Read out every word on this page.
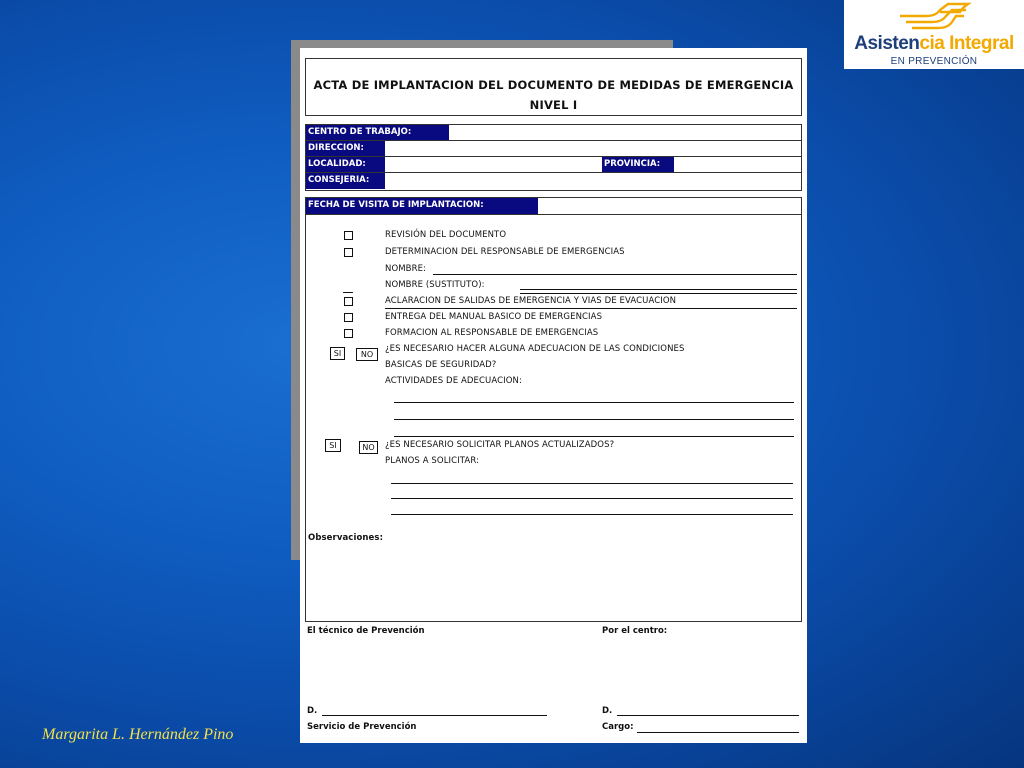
Asistencia Integral
EN PREVENCIÓN
ACTA DE IMPLANTACION DEL DOCUMENTO DE MEDIDAS DE EMERGENCIA
NIVEL I
CENTRO DE TRABAJO:
DIRECCION:
LOCALIDAD:	PROVINCIA:
CONSEJERIA:
FECHA DE VISITA DE IMPLANTACION:
REVISIÓN DEL DOCUMENTO
DETERMINACION DEL RESPONSABLE DE EMERGENCIAS
NOMBRE:
NOMBRE (SUSTITUTO):
ACLARACION DE SALIDAS DE EMERGENCIA Y VIAS DE EVACUACION
ENTREGA DEL MANUAL BASICO DE EMERGENCIAS
FORMACION AL RESPONSABLE DE EMERGENCIAS
SI	NO
¿ES NECESARIO HACER ALGUNA ADECUACION DE LAS CONDICIONES
BASICAS DE SEGURIDAD?
ACTIVIDADES DE ADECUACION:
SI	NO	¿ES NECESARIO SOLICITAR PLANOS ACTUALIZADOS?
PLANOS A SOLICITAR:
Observaciones:
El técnico de Prevención	Por el centro:
D.	D.
Servicio de Prevención	Cargo:
Margarita L. Hernández Pino
